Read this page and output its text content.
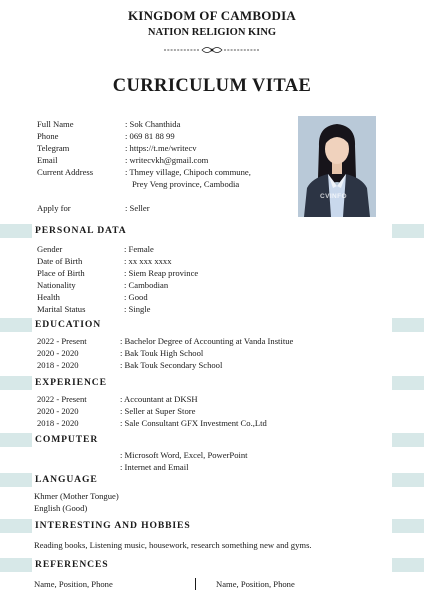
KINGDOM OF CAMBODIA
NATION RELIGION KING
CURRICULUM VITAE
Full Name	: Sok Chanthida
Phone	: 069 81 88 99
Telegram	: https://t.me/writecv
Email	: writecvkh@gmail.com
Current Address	: Thmey village, Chipoch commune,
Prey Veng province, Cambodia
Apply for	: Seller
CVINFO
PERSONAL DATA
Gender	: Female
Date of Birth	: xx xxx xxxx
Place of Birth	: Siem Reap province
Nationality	: Cambodian
Health	: Good
Marital Status	: Single
EDUCATION
2022 - Present	: Bachelor Degree of Accounting at Vanda Institue
2020 - 2020	: Bak Touk High School
2018 - 2020	: Bak Touk Secondary School
EXPERIENCE
2022 - Present	: Accountant at DKSH
2020 - 2020	: Seller at Super Store
2018 - 2020	: Sale Consultant GFX Investment Co.,Ltd
COMPUTER
: Microsoft Word, Excel, PowerPoint
: Internet and Email
LANGUAGE
Khmer (Mother Tongue)
English (Good)
INTERESTING AND HOBBIES
Reading books, Listening music, housework, research something new and gyms.
REFERENCES
Name, Position, Phone	Name, Position, Phone
